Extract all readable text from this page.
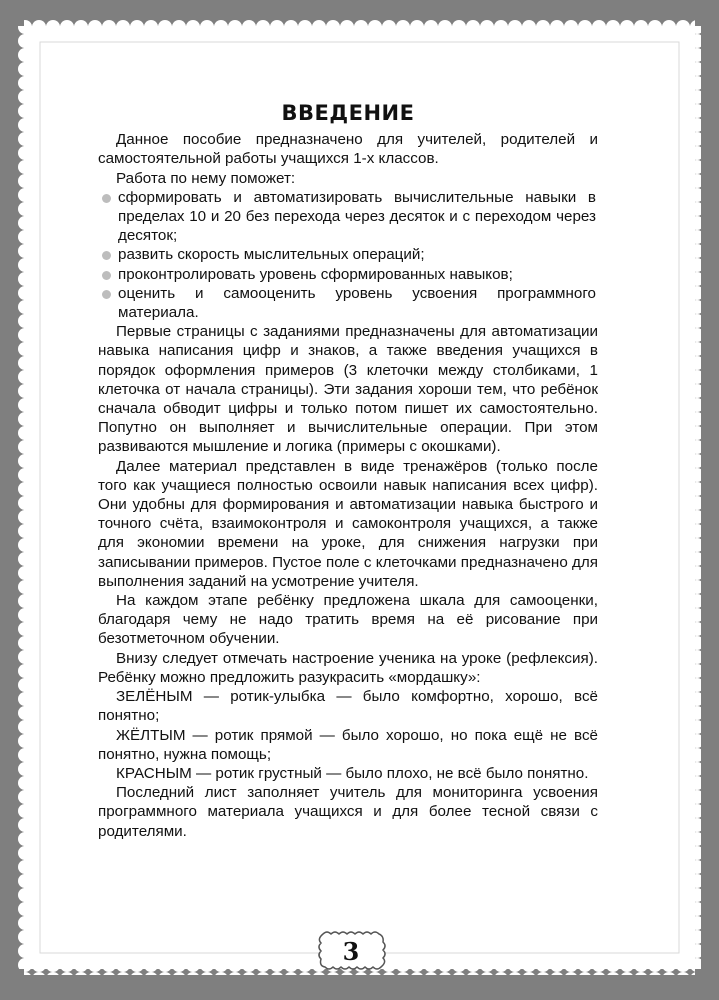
ВВЕДЕНИЕ

Данное пособие предназначено для учителей, родителей и самостоятельной работы учащихся 1-х классов.

Работа по нему поможет:

сформировать и автоматизировать вычислительные навыки в пределах 10 и 20 без перехода через десяток и с переходом через десяток;
развить скорость мыслительных операций;
проконтролировать уровень сформированных навыков;
оценить и самооценить уровень усвоения программного материала.

Первые страницы с заданиями предназначены для автоматизации навыка написания цифр и знаков, а также введения учащихся в порядок оформления примеров (3 клеточки между столбиками, 1 клеточка от начала страницы). Эти задания хороши тем, что ребёнок сначала обводит цифры и только потом пишет их самостоятельно. Попутно он выполняет и вычислительные операции. При этом развиваются мышление и логика (примеры с окошками).

Далее материал представлен в виде тренажёров (только после того как учащиеся полностью освоили навык написания всех цифр). Они удобны для формирования и автоматизации навыка быстрого и точного счёта, взаимоконтроля и самоконтроля учащихся, а также для экономии времени на уроке, для снижения нагрузки при записывании примеров. Пустое поле с клеточками предназначено для выполнения заданий на усмотрение учителя.

На каждом этапе ребёнку предложена шкала для самооценки, благодаря чему не надо тратить время на её рисование при безотметочном обучении.

Внизу следует отмечать настроение ученика на уроке (рефлексия). Ребёнку можно предложить разукрасить «мордашку»:

ЗЕЛЁНЫМ — ротик-улыбка — было комфортно, хорошо, всё понятно;

ЖЁЛТЫМ — ротик прямой — было хорошо, но пока ещё не всё понятно, нужна помощь;

КРАСНЫМ — ротик грустный — было плохо, не всё было понятно.

Последний лист заполняет учитель для мониторинга усвоения программного материала учащихся и для более тесной связи с родителями.

3
